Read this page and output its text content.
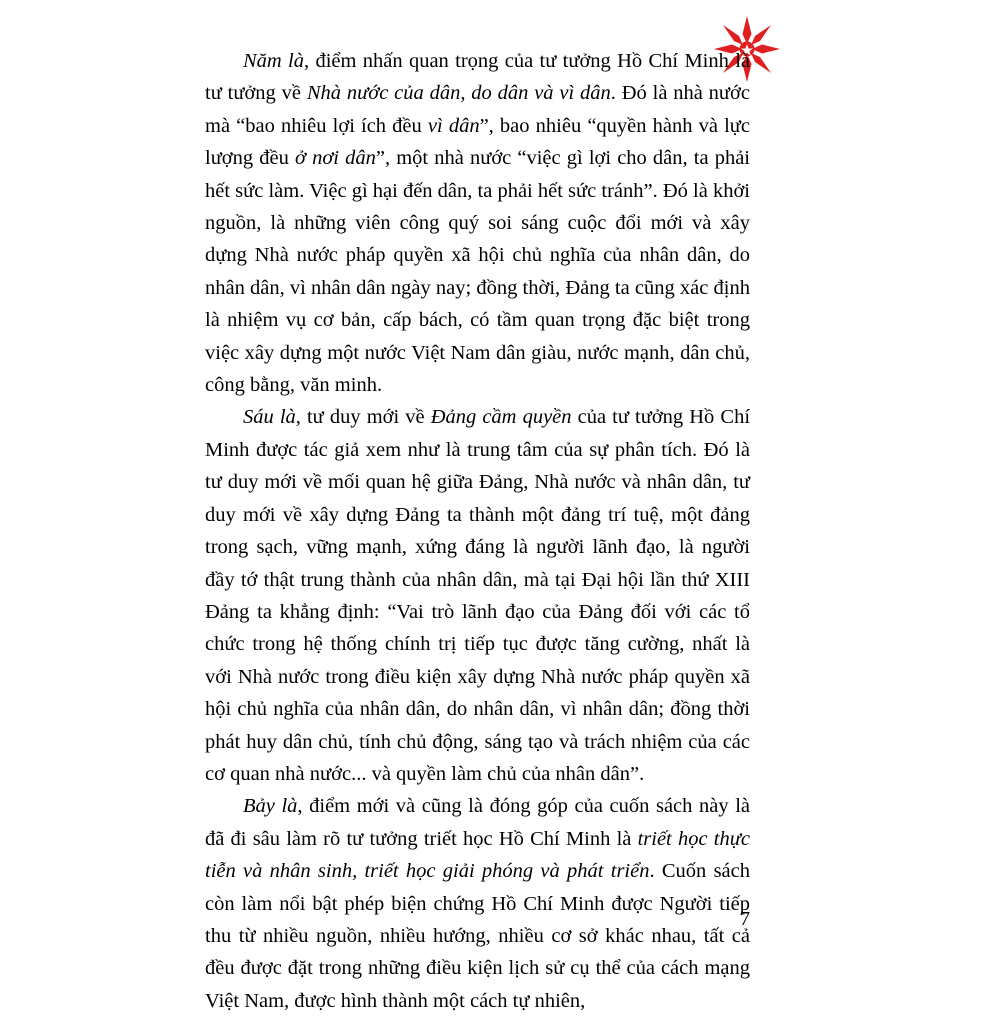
Năm là, điểm nhấn quan trọng của tư tưởng Hồ Chí Minh là tư tưởng về Nhà nước của dân, do dân và vì dân. Đó là nhà nước mà “bao nhiêu lợi ích đều vì dân”, bao nhiêu “quyền hành và lực lượng đều ở nơi dân”, một nhà nước “việc gì lợi cho dân, ta phải hết sức làm. Việc gì hại đến dân, ta phải hết sức tránh”. Đó là khởi nguồn, là những viên công quý soi sáng cuộc đổi mới và xây dựng Nhà nước pháp quyền xã hội chủ nghĩa của nhân dân, do nhân dân, vì nhân dân ngày nay; đồng thời, Đảng ta cũng xác định là nhiệm vụ cơ bản, cấp bách, có tầm quan trọng đặc biệt trong việc xây dựng một nước Việt Nam dân giàu, nước mạnh, dân chủ, công bằng, văn minh.

Sáu là, tư duy mới về Đảng cầm quyền của tư tưởng Hồ Chí Minh được tác giả xem như là trung tâm của sự phân tích. Đó là tư duy mới về mối quan hệ giữa Đảng, Nhà nước và nhân dân, tư duy mới về xây dựng Đảng ta thành một đảng trí tuệ, một đảng trong sạch, vững mạnh, xứng đáng là người lãnh đạo, là người đầy tớ thật trung thành của nhân dân, mà tại Đại hội lần thứ XIII Đảng ta khẳng định: “Vai trò lãnh đạo của Đảng đối với các tổ chức trong hệ thống chính trị tiếp tục được tăng cường, nhất là với Nhà nước trong điều kiện xây dựng Nhà nước pháp quyền xã hội chủ nghĩa của nhân dân, do nhân dân, vì nhân dân; đồng thời phát huy dân chủ, tính chủ động, sáng tạo và trách nhiệm của các cơ quan nhà nước... và quyền làm chủ của nhân dân”.

Bảy là, điểm mới và cũng là đóng góp của cuốn sách này là đã đi sâu làm rõ tư tưởng triết học Hồ Chí Minh là triết học thực tiễn và nhân sinh, triết học giải phóng và phát triển. Cuốn sách còn làm nổi bật phép biện chứng Hồ Chí Minh được Người tiếp thu từ nhiều nguồn, nhiều hướng, nhiều cơ sở khác nhau, tất cả đều được đặt trong những điều kiện lịch sử cụ thể của cách mạng Việt Nam, được hình thành một cách tự nhiên,

7
